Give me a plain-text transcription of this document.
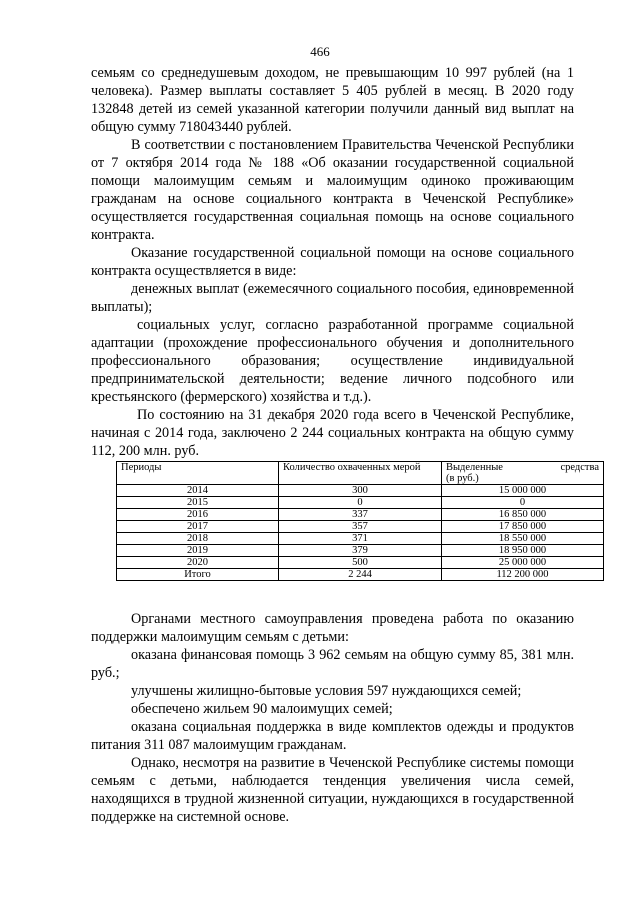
466

семьям со среднедушевым доходом, не превышающим 10 997 рублей (на 1 человека). Размер выплаты составляет 5 405 рублей в месяц. В 2020 году 132848 детей из семей указанной категории получили данный вид выплат на общую сумму 718043440 рублей.

В соответствии с постановлением Правительства Чеченской Республики от 7 октября 2014 года № 188 «Об оказании государственной социальной помощи малоимущим семьям и малоимущим одиноко проживающим гражданам на основе социального контракта в Чеченской Республике» осуществляется государственная социальная помощь на основе социального контракта.

Оказание государственной социальной помощи на основе социального контракта осуществляется в виде:

денежных выплат (ежемесячного социального пособия, единовременной выплаты);

социальных услуг, согласно разработанной программе социальной адаптации (прохождение профессионального обучения и дополнительного профессионального образования; осуществление индивидуальной предпринимательской деятельности; ведение личного подсобного или крестьянского (фермерского) хозяйства и т.д.).

По состоянию на 31 декабря 2020 года всего в Чеченской Республике, начиная с 2014 года, заключено 2 244 социальных контракта на общую сумму 112, 200 млн. руб.

Периоды	Количество охваченных мерой	Выделенные средства
(в руб.)

2014	300	15 000 000
2015	0	0
2016	337	16 850 000
2017	357	17 850 000
2018	371	18 550 000
2019	379	18 950 000
2020	500	25 000 000
Итого	2 244	112 200 000

Органами местного самоуправления проведена работа по оказанию поддержки малоимущим семьям с детьми:

оказана финансовая помощь 3 962 семьям на общую сумму 85, 381 млн. руб.;

улучшены жилищно-бытовые условия 597 нуждающихся семей;

обеспечено жильем 90 малоимущих семей;

оказана социальная поддержка в виде комплектов одежды и продуктов питания 311 087 малоимущим гражданам.

Однако, несмотря на развитие в Чеченской Республике системы помощи семьям с детьми, наблюдается тенденция увеличения числа семей, находящихся в трудной жизненной ситуации, нуждающихся в государственной поддержке на системной основе.
